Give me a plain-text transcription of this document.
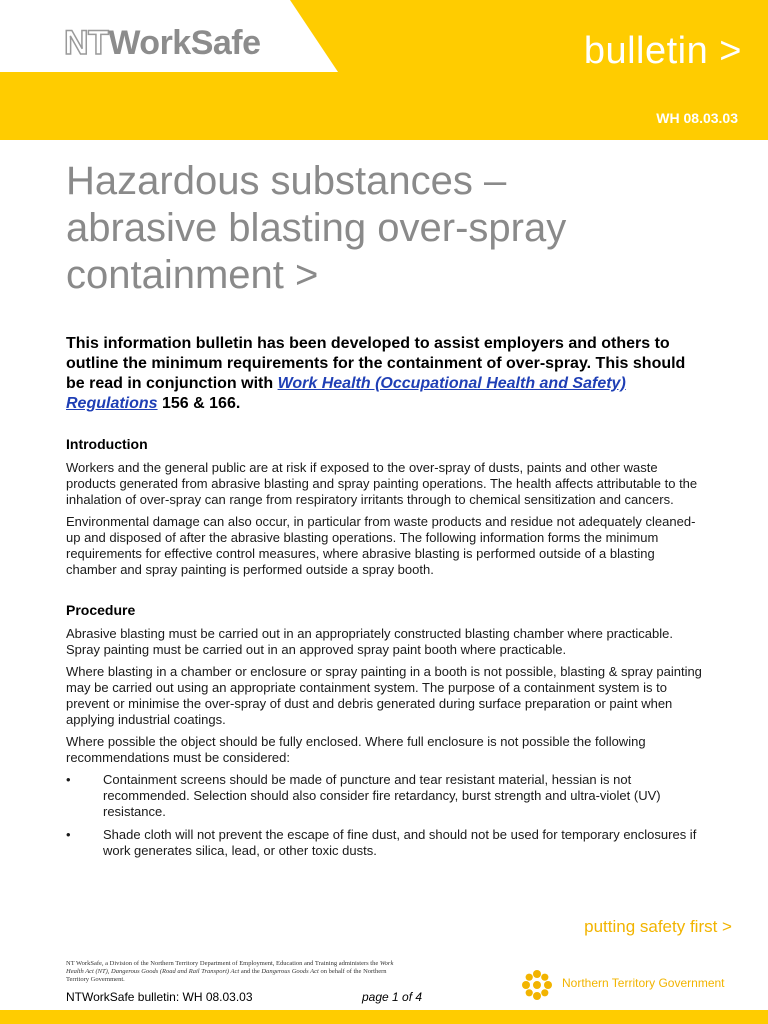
NTWorkSafe	bulletin >
WH 08.03.03
Hazardous substances –
abrasive blasting over-spray
containment >

This information bulletin has been developed to assist employers and others to outline the minimum requirements for the containment of over-spray. This should be read in conjunction with Work Health (Occupational Health and Safety) Regulations 156 & 166.

Introduction

Workers and the general public are at risk if exposed to the over-spray of dusts, paints and other waste products generated from abrasive blasting and spray painting operations. The health affects attributable to the inhalation of over-spray can range from respiratory irritants through to chemical sensitization and cancers.

Environmental damage can also occur, in particular from waste products and residue not adequately cleaned-up and disposed of after the abrasive blasting operations. The following information forms the minimum requirements for effective control measures, where abrasive blasting is performed outside of a blasting chamber and spray painting is performed outside a spray booth.

Procedure

Abrasive blasting must be carried out in an appropriately constructed blasting chamber where practicable. Spray painting must be carried out in an approved spray paint booth where practicable.

Where blasting in a chamber or enclosure or spray painting in a booth is not possible, blasting & spray painting may be carried out using an appropriate containment system. The purpose of a containment system is to prevent or minimise the over-spray of dust and debris generated during surface preparation or paint when applying industrial coatings.

Where possible the object should be fully enclosed. Where full enclosure is not possible the following recommendations must be considered:

• Containment screens should be made of puncture and tear resistant material, hessian is not recommended. Selection should also consider fire retardancy, burst strength and ultra-violet (UV) resistance.
• Shade cloth will not prevent the escape of fine dust, and should not be used for temporary enclosures if work generates silica, lead, or other toxic dusts.
putting safety first >
NT WorkSafe, a Division of the Northern Territory Department of Employment, Education and Training administers the Work Health Act (NT), Dangerous Goods (Road and Rail Transport) Act and the Dangerous Goods Act on behalf of the Northern Territory Government.
NTWorkSafe bulletin: WH 08.03.03	page 1 of 4
Northern Territory Government
